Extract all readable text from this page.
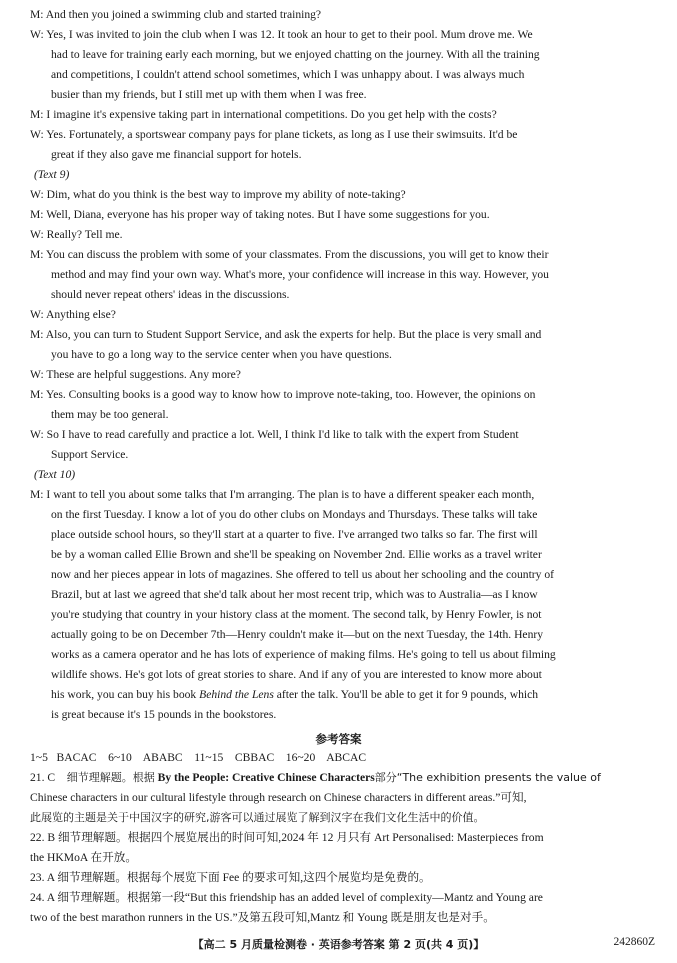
M: And then you joined a swimming club and started training?
W: Yes, I was invited to join the club when I was 12. It took an hour to get to their pool. Mum drove me. We
had to leave for training early each morning, but we enjoyed chatting on the journey. With all the training
and competitions, I couldn't attend school sometimes, which I was unhappy about. I was always much
busier than my friends, but I still met up with them when I was free.
M: I imagine it's expensive taking part in international competitions. Do you get help with the costs?
W: Yes. Fortunately, a sportswear company pays for plane tickets, as long as I use their swimsuits. It'd be
great if they also gave me financial support for hotels.
(Text 9)
W: Dim, what do you think is the best way to improve my ability of note-taking?
M: Well, Diana, everyone has his proper way of taking notes. But I have some suggestions for you.
W: Really? Tell me.
M: You can discuss the problem with some of your classmates. From the discussions, you will get to know their
method and may find your own way. What's more, your confidence will increase in this way. However, you
should never repeat others' ideas in the discussions.
W: Anything else?
M: Also, you can turn to Student Support Service, and ask the experts for help. But the place is very small and
you have to go a long way to the service center when you have questions.
W: These are helpful suggestions. Any more?
M: Yes. Consulting books is a good way to know how to improve note-taking, too. However, the opinions on
them may be too general.
W: So I have to read carefully and practice a lot. Well, I think I'd like to talk with the expert from Student
Support Service.
(Text 10)
M: I want to tell you about some talks that I'm arranging. The plan is to have a different speaker each month,
on the first Tuesday. I know a lot of you do other clubs on Mondays and Thursdays. These talks will take
place outside school hours, so they'll start at a quarter to five. I've arranged two talks so far. The first will
be by a woman called Ellie Brown and she'll be speaking on November 2nd. Ellie works as a travel writer
now and her pieces appear in lots of magazines. She offered to tell us about her schooling and the country of
Brazil, but at last we agreed that she'd talk about her most recent trip, which was to Australia—as I know
you're studying that country in your history class at the moment. The second talk, by Henry Fowler, is not
actually going to be on December 7th—Henry couldn't make it—but on the next Tuesday, the 14th. Henry
works as a camera operator and he has lots of experience of making films. He's going to tell us about filming
wildlife shows. He's got lots of great stories to share. And if any of you are interested to know more about
his work, you can buy his book Behind the Lens after the talk. You'll be able to get it for 9 pounds, which
is great because it's 15 pounds in the bookstores.
参考答案
1~5   BACAC    6~10    ABABC    11~15    CBBAC    16~20    ABCAC
21. C 细节理解题。根据 By the People: Creative Chinese Characters部分“The exhibition presents the value of
Chinese characters in our cultural lifestyle through research on Chinese characters in different areas.”可知,
此展览的主题是关于中国汉字的研究,游客可以通过展览了解到汉字在我们文化生活中的价值。
22. B 细节理解题。根据四个展览展出的时间可知,2024 年 12 月只有 Art Personalised: Masterpieces from
the HKMoA 在开放。
23. A 细节理解题。根据每个展览下面 Fee 的要求可知,这四个展览均是免费的。
24. A 细节理解题。根据第一段“But this friendship has an added level of complexity—Mantz and Young are
two of the best marathon runners in the US.”及第五段可知,Mantz 和 Young 既是朋友也是对手。
【高二 5 月质量检测卷 · 英语参考答案 第 2 页(共 4 页)】	242860Z
